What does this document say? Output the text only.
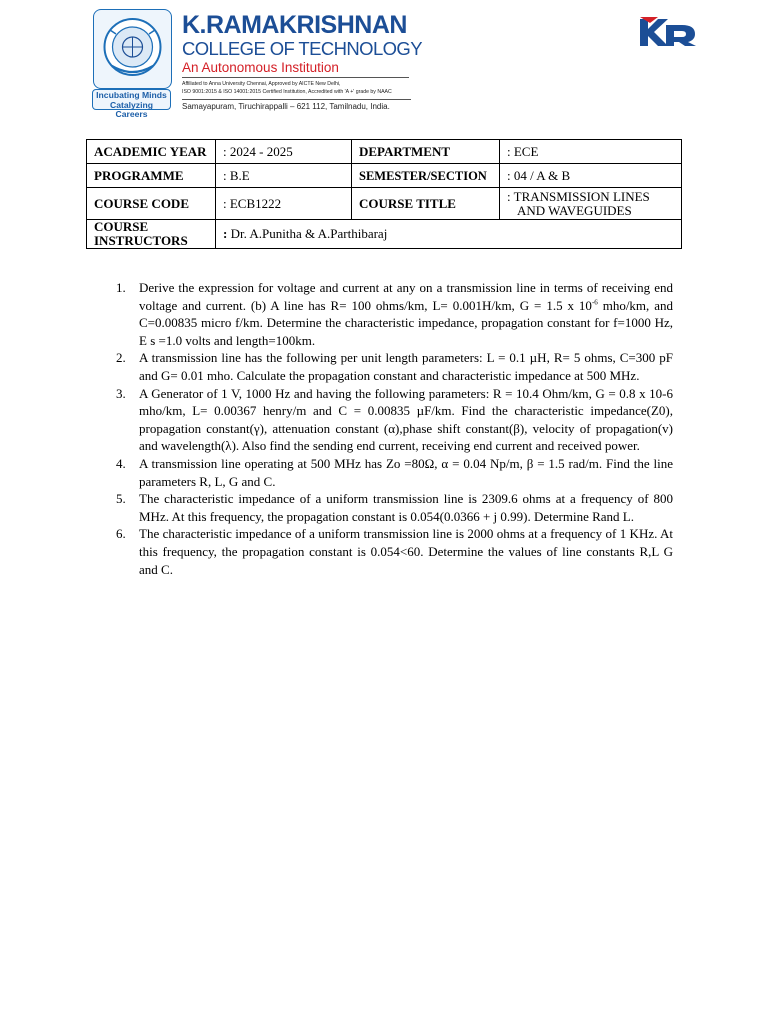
Incubating Minds
Catalyzing Careers
K.RAMAKRISHNAN
COLLEGE OF TECHNOLOGY
An Autonomous Institution
Affiliated to Anna University Chennai, Approved by AICTE New Delhi,
ISO 9001:2015 & ISO 14001:2015 Certified Institution, Accredited with 'A +' grade by NAAC
Samayapuram, Tiruchirappalli – 621 112, Tamilnadu, India.
ACADEMIC YEAR	: 2024 - 2025	DEPARTMENT	: ECE
PROGRAMME	: B.E	SEMESTER/SECTION	: 04 / A & B
COURSE CODE	: ECB1222	COURSE TITLE	: TRANSMISSION LINES
AND WAVEGUIDES

COURSE
INSTRUCTORS	: Dr. A.Punitha & A.Parthibaraj		
1. Derive the expression for voltage and current at any on a transmission line in terms of receiving end voltage and current. (b) A line has R= 100 ohms/km, L= 0.001H/km, G = 1.5 x $10^{-6}$ mho/km, and C=0.00835 micro f/km. Determine the characteristic impedance, propagation constant for f=1000 Hz, E s =1.0 volts and length=100km.
2. A transmission line has the following per unit length parameters: L = 0.1 µH, R= 5 ohms, C=300 pF and G= 0.01 mho. Calculate the propagation constant and characteristic impedance at 500 MHz.
3. A Generator of 1 V, 1000 Hz and having the following parameters: R = 10.4 Ohm/km, G = 0.8 x 10-6 mho/km, L= 0.00367 henry/m and C = 0.00835 µF/km. Find the characteristic impedance(Z0), propagation constant(γ), attenuation constant (α),phase shift constant(β), velocity of propagation(v) and wavelength(λ). Also find the sending end current, receiving end current and received power.
4. A transmission line operating at 500 MHz has Zo =80Ω, α = 0.04 Np/m, β = 1.5 rad/m. Find the line parameters R, L, G and C.
5. The characteristic impedance of a uniform transmission line is 2309.6 ohms at a frequency of 800 MHz. At this frequency, the propagation constant is 0.054(0.0366 + j 0.99). Determine Rand L.
6. The characteristic impedance of a uniform transmission line is 2000 ohms at a frequency of 1 KHz. At this frequency, the propagation constant is 0.054<60. Determine the values of line constants R,L G and C.
